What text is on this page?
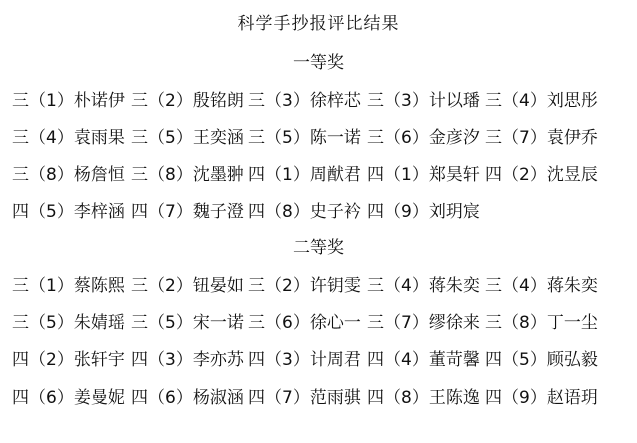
科学手抄报评比结果
一等奖
三（1）朴诺伊 三（2）殷铭朗 三（3）徐梓芯 三（3）计以璠 三（4）刘思彤
三（4）袁雨果 三（5）王奕涵 三（5）陈一诺 三（6）金彦汐 三（7）袁伊乔
三（8）杨詹恒 三（8）沈墨翀 四（1）周猷君 四（1）郑昊轩 四（2）沈昱辰
四（5）李梓涵 四（7）魏子澄 四（8）史子衿 四（9）刘玥宸
二等奖
三（1）蔡陈熙 三（2）钮晏如 三（2）许钥雯 三（4）蒋朱奕 三（4）蒋朱奕
三（5）朱婧瑶 三（5）宋一诺 三（6）徐心一 三（7）缪徐来 三（8）丁一尘
四（2）张轩宇 四（3）李亦苏 四（3）计周君 四（4）董苛馨 四（5）顾弘毅
四（6）姜曼妮 四（6）杨淑涵 四（7）范雨骐 四（8）王陈逸 四（9）赵语玥
